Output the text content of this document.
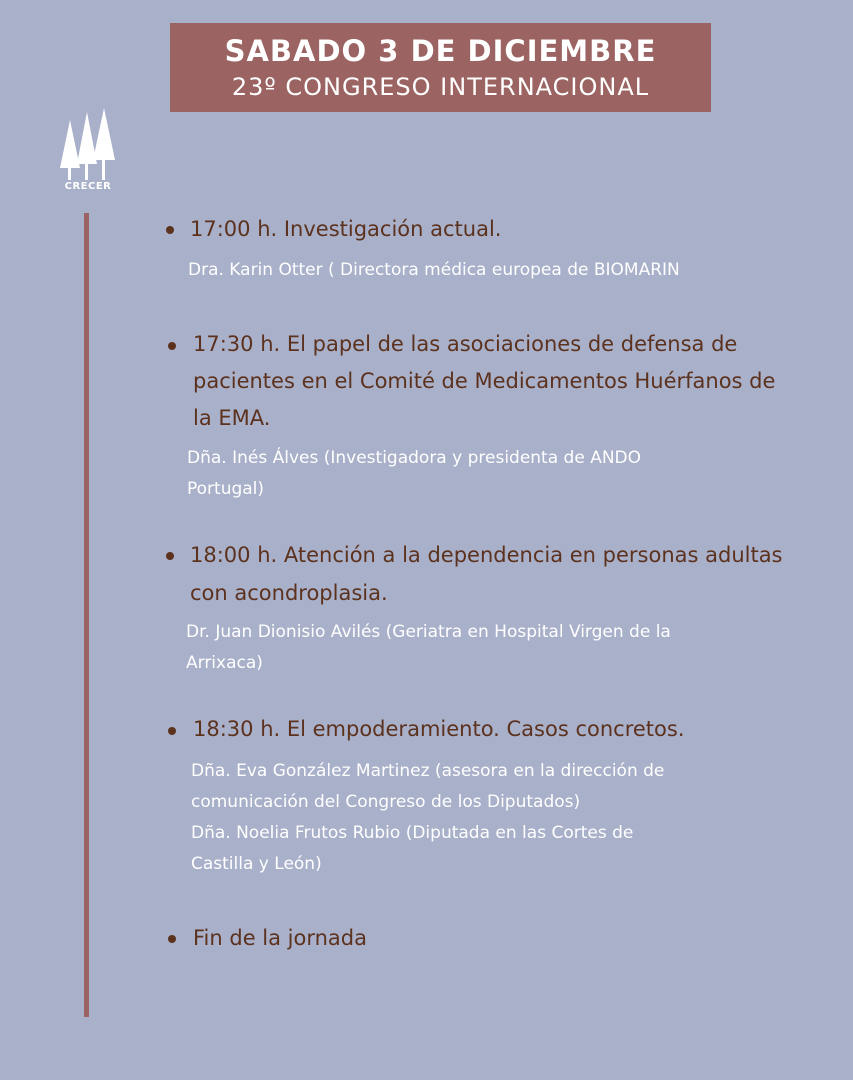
SABADO 3 DE DICIEMBRE
23º CONGRESO INTERNACIONAL
CRECER
17:00 h. Investigación actual.
Dra. Karin Otter ( Directora médica europea de BIOMARIN
17:30 h. El papel de las asociaciones de defensa de
pacientes en el Comité de Medicamentos Huérfanos de
la EMA.
Dña. Inés Álves (Investigadora y presidenta de ANDO
Portugal)
18:00 h. Atención a la dependencia en personas adultas
con acondroplasia.
Dr. Juan Dionisio Avilés (Geriatra en Hospital Virgen de la
Arrixaca)
18:30 h. El empoderamiento. Casos concretos.
Dña. Eva González Martinez (asesora en la dirección de
comunicación del Congreso de los Diputados)
Dña. Noelia Frutos Rubio (Diputada en las Cortes de
Castilla y León)
Fin de la jornada
